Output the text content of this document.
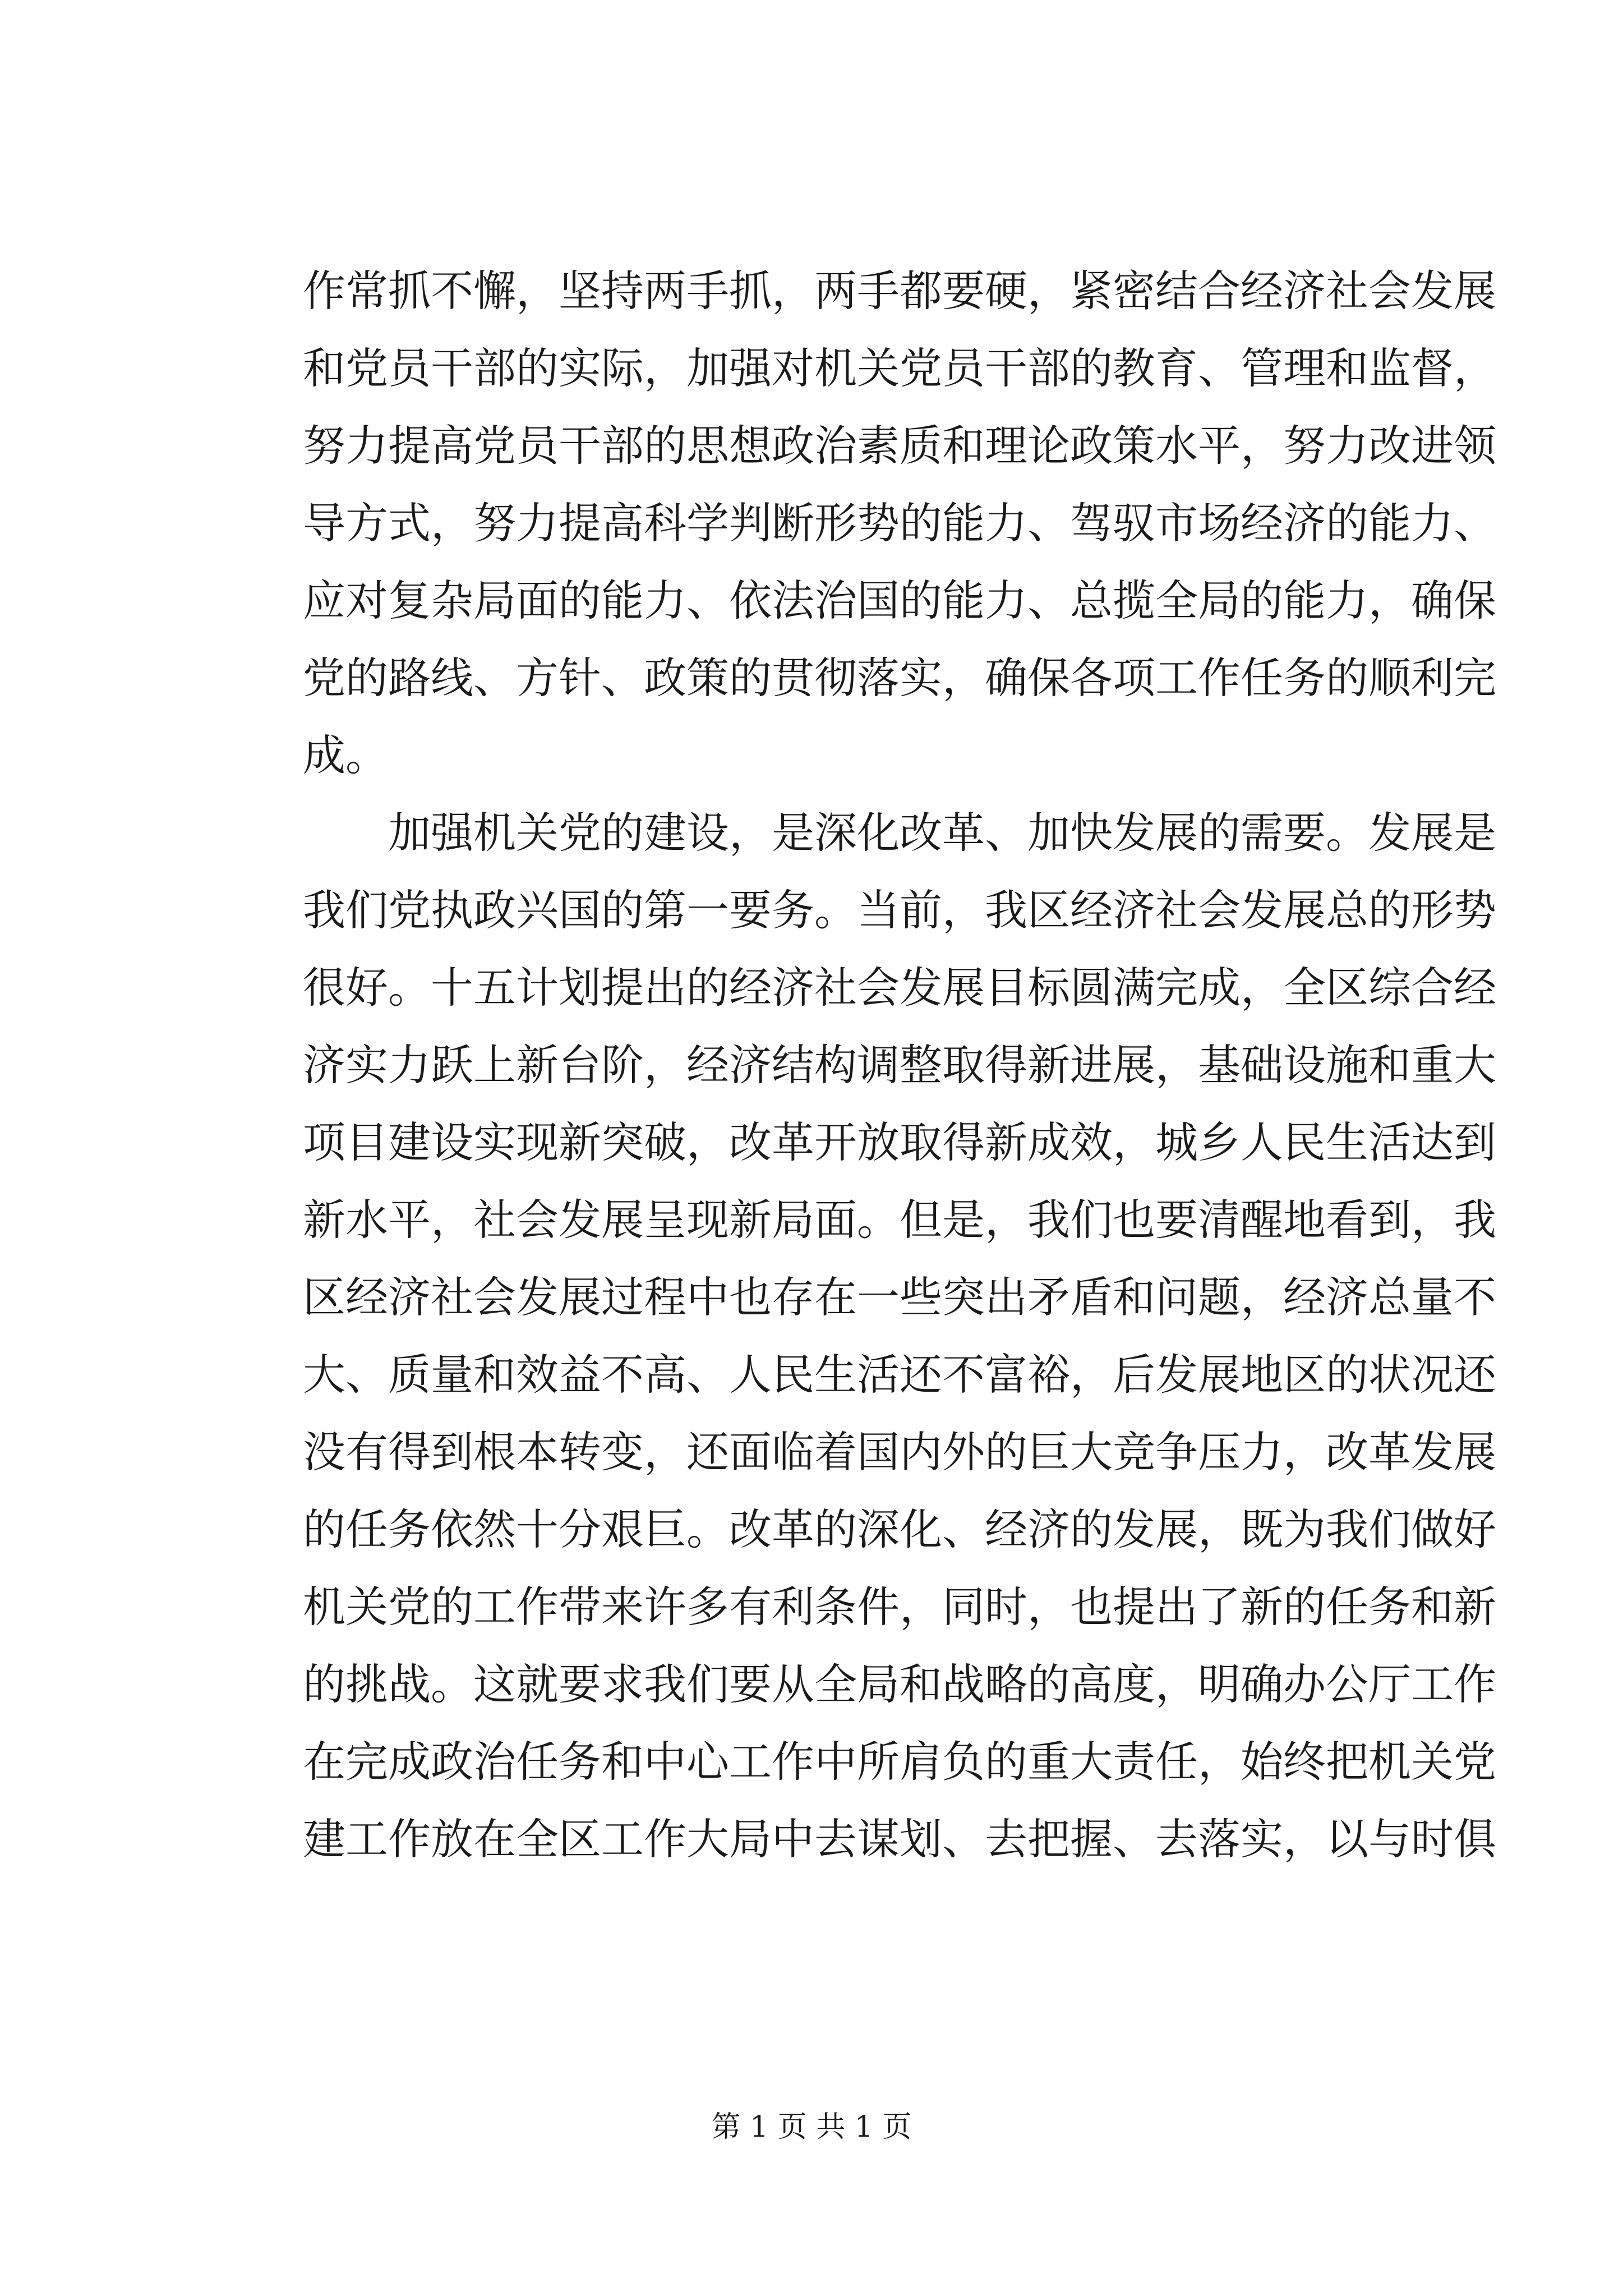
作常抓不懈，坚持两手抓，两手都要硬，紧密结合经济社会发展
和党员干部的实际，加强对机关党员干部的教育、管理和监督，
努力提高党员干部的思想政治素质和理论政策水平，努力改进领
导方式，努力提高科学判断形势的能力、驾驭市场经济的能力、
应对复杂局面的能力、依法治国的能力、总揽全局的能力，确保
党的路线、方针、政策的贯彻落实，确保各项工作任务的顺利完
成。
　　加强机关党的建设，是深化改革、加快发展的需要。发展是
我们党执政兴国的第一要务。当前，我区经济社会发展总的形势
很好。十五计划提出的经济社会发展目标圆满完成，全区综合经
济实力跃上新台阶，经济结构调整取得新进展，基础设施和重大
项目建设实现新突破，改革开放取得新成效，城乡人民生活达到
新水平，社会发展呈现新局面。但是，我们也要清醒地看到，我
区经济社会发展过程中也存在一些突出矛盾和问题，经济总量不
大、质量和效益不高、人民生活还不富裕，后发展地区的状况还
没有得到根本转变，还面临着国内外的巨大竞争压力，改革发展
的任务依然十分艰巨。改革的深化、经济的发展，既为我们做好
机关党的工作带来许多有利条件，同时，也提出了新的任务和新
的挑战。这就要求我们要从全局和战略的高度，明确办公厅工作
在完成政治任务和中心工作中所肩负的重大责任，始终把机关党
建工作放在全区工作大局中去谋划、去把握、去落实，以与时俱
第 1 页 共 1 页
